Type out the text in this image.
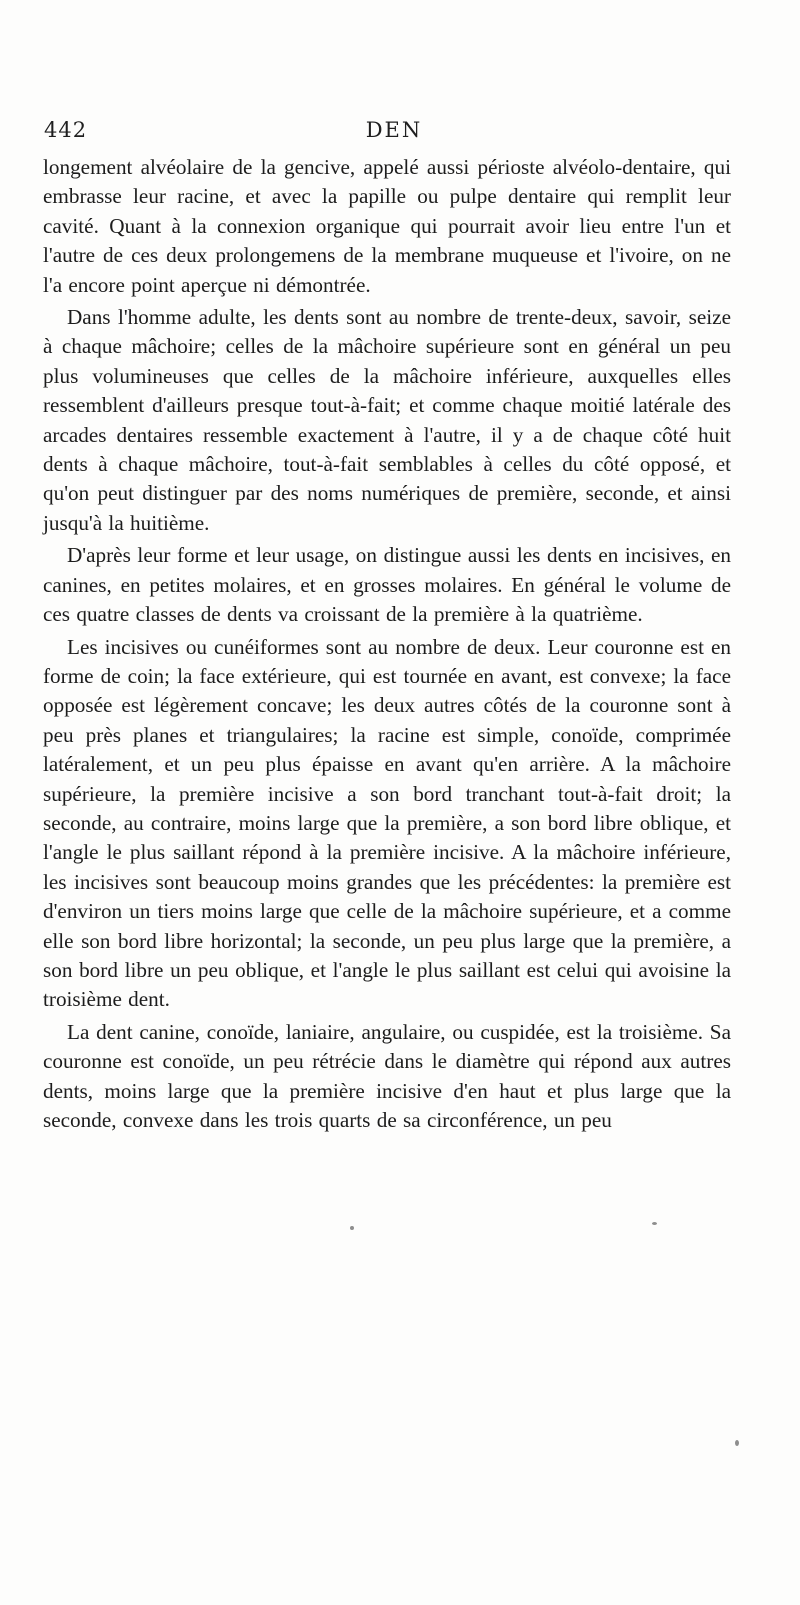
442	DEN

longement alvéolaire de la gencive, appelé aussi périoste alvéolo-dentaire, qui embrasse leur racine, et avec la papille ou pulpe dentaire qui remplit leur cavité. Quant à la connexion organique qui pourrait avoir lieu entre l'un et l'autre de ces deux prolongemens de la membrane muqueuse et l'ivoire, on ne l'a encore point aperçue ni démontrée.

Dans l'homme adulte, les dents sont au nombre de trente-deux, savoir, seize à chaque mâchoire; celles de la mâchoire supérieure sont en général un peu plus volumineuses que celles de la mâchoire inférieure, auxquelles elles ressemblent d'ailleurs presque tout-à-fait; et comme chaque moitié latérale des arcades dentaires ressemble exactement à l'autre, il y a de chaque côté huit dents à chaque mâchoire, tout-à-fait semblables à celles du côté opposé, et qu'on peut distinguer par des noms numériques de première, seconde, et ainsi jusqu'à la huitième.

D'après leur forme et leur usage, on distingue aussi les dents en incisives, en canines, en petites molaires, et en grosses molaires. En général le volume de ces quatre classes de dents va croissant de la première à la quatrième.

Les incisives ou cunéiformes sont au nombre de deux. Leur couronne est en forme de coin; la face extérieure, qui est tournée en avant, est convexe; la face opposée est légèrement concave; les deux autres côtés de la couronne sont à peu près planes et triangulaires; la racine est simple, conoïde, comprimée latéralement, et un peu plus épaisse en avant qu'en arrière. A la mâchoire supérieure, la première incisive a son bord tranchant tout-à-fait droit; la seconde, au contraire, moins large que la première, a son bord libre oblique, et l'angle le plus saillant répond à la première incisive. A la mâchoire inférieure, les incisives sont beaucoup moins grandes que les précédentes: la première est d'environ un tiers moins large que celle de la mâchoire supérieure, et a comme elle son bord libre horizontal; la seconde, un peu plus large que la première, a son bord libre un peu oblique, et l'angle le plus saillant est celui qui avoisine la troisième dent.

La dent canine, conoïde, laniaire, angulaire, ou cuspidée, est la troisième. Sa couronne est conoïde, un peu rétrécie dans le diamètre qui répond aux autres dents, moins large que la première incisive d'en haut et plus large que la seconde, convexe dans les trois quarts de sa circonférence, un peu
